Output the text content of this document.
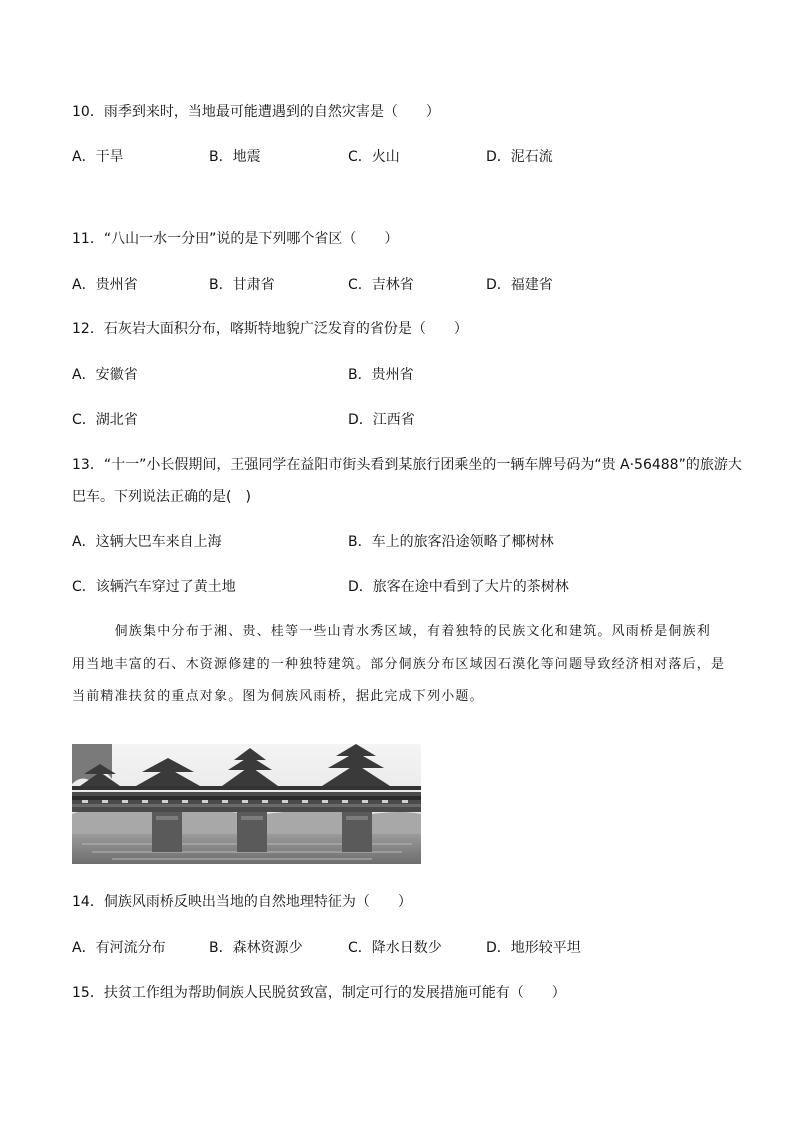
10．雨季到来时，当地最可能遭遇到的自然灾害是（　　）
A．干旱	B．地震	C．火山	D．泥石流
11．“八山一水一分田”说的是下列哪个省区（　　）
A．贵州省	B．甘肃省	C．吉林省	D．福建省
12．石灰岩大面积分布，喀斯特地貌广泛发育的省份是（　　）
A．安徽省	B．贵州省
C．湖北省	D．江西省
13．“十一”小长假期间，王强同学在益阳市街头看到某旅行团乘坐的一辆车牌号码为“贵 A·56488”的旅游大
巴车。下列说法正确的是(　)
A．这辆大巴车来自上海	B．车上的旅客沿途领略了椰树林
C．该辆汽车穿过了黄土地	D．旅客在途中看到了大片的茶树林
　　　侗族集中分布于湘、贵、桂等一些山青水秀区域，有着独特的民族文化和建筑。风雨桥是侗族利
用当地丰富的石、木资源修建的一种独特建筑。部分侗族分布区域因石漠化等问题导致经济相对落后，是
当前精准扶贫的重点对象。图为侗族风雨桥，据此完成下列小题。
14．侗族风雨桥反映出当地的自然地理特征为（　　）
A．有河流分布	B．森林资源少	C．降水日数少	D．地形较平坦
15．扶贫工作组为帮助侗族人民脱贫致富，制定可行的发展措施可能有（　　）
